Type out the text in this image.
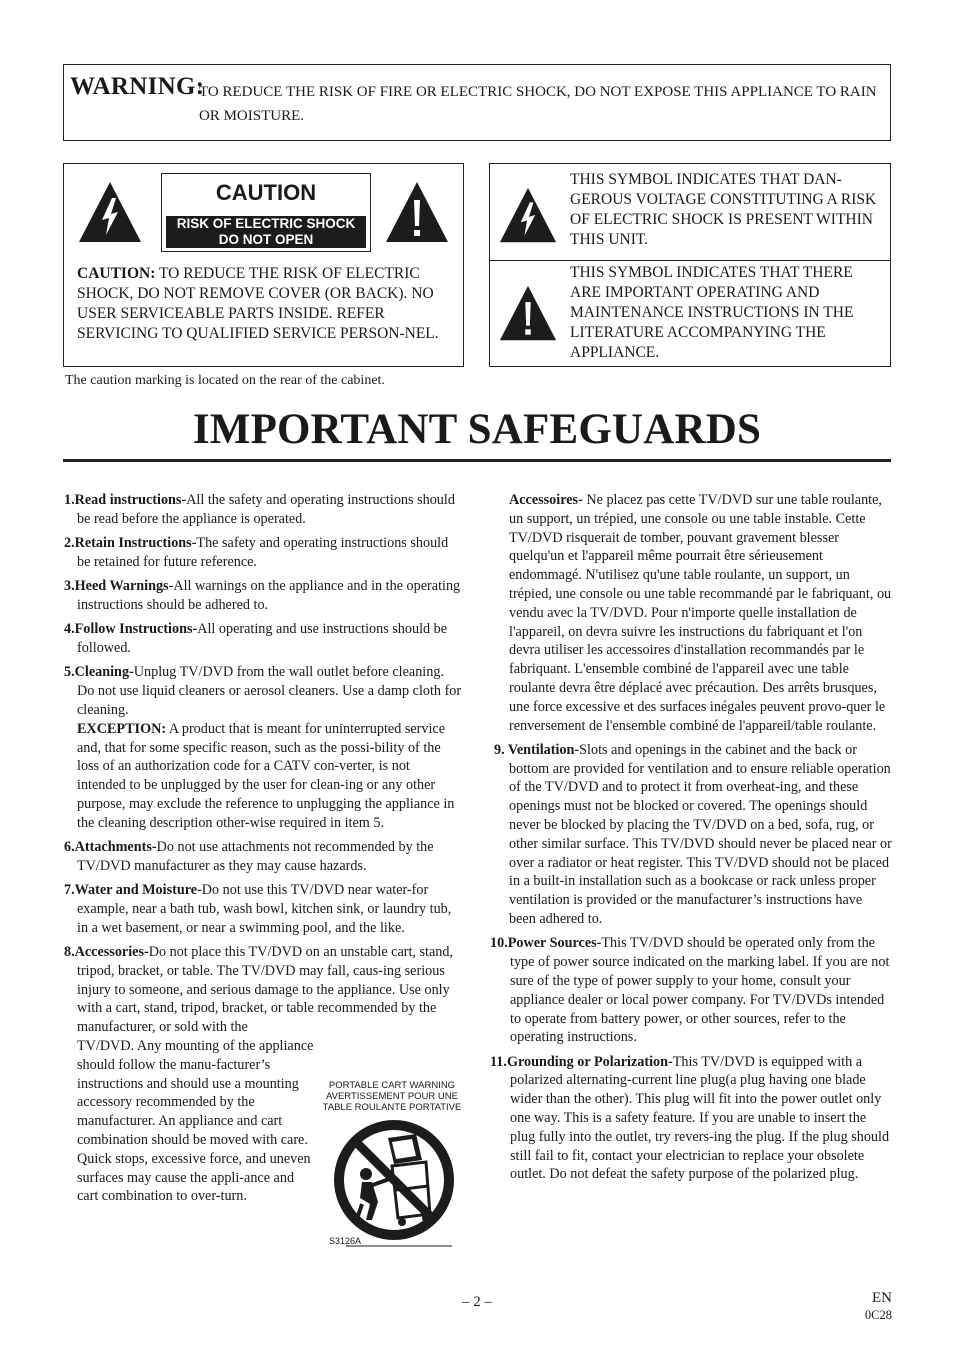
WARNING:
TO REDUCE THE RISK OF FIRE OR ELECTRIC SHOCK, DO NOT EXPOSE THIS APPLIANCE TO RAIN OR MOISTURE.
CAUTION
RISK OF ELECTRIC SHOCK
DO NOT OPEN
CAUTION: TO REDUCE THE RISK OF ELECTRIC SHOCK, DO NOT REMOVE COVER (OR BACK). NO USER SERVICEABLE PARTS INSIDE. REFER SERVICING TO QUALIFIED SERVICE PERSON-NEL.
THIS SYMBOL INDICATES THAT DAN-GEROUS VOLTAGE CONSTITUTING A RISK OF ELECTRIC SHOCK IS PRESENT WITHIN THIS UNIT.
THIS SYMBOL INDICATES THAT THERE ARE IMPORTANT OPERATING AND MAINTENANCE INSTRUCTIONS IN THE LITERATURE ACCOMPANYING THE APPLIANCE.
The caution marking is located on the rear of the cabinet.
IMPORTANT SAFEGUARDS

1.Read instructions-All the safety and operating instructions should be read before the appliance is operated.

2.Retain Instructions-The safety and operating instructions should be retained for future reference.

3.Heed Warnings-All warnings on the appliance and in the operating instructions should be adhered to.

4.Follow Instructions-All operating and use instructions should be followed.

5.Cleaning-Unplug TV/DVD from the wall outlet before cleaning. Do not use liquid cleaners or aerosol cleaners. Use a damp cloth for cleaning.

EXCEPTION: A product that is meant for uninterrupted service and, that for some specific reason, such as the possi-bility of the loss of an authorization code for a CATV con-verter, is not intended to be unplugged by the user for clean-ing or any other purpose, may exclude the reference to unplugging the appliance in the cleaning description other-wise required in item 5.

6.Attachments-Do not use attachments not recommended by the TV/DVD manufacturer as they may cause hazards.

7.Water and Moisture-Do not use this TV/DVD near water-for example, near a bath tub, wash bowl, kitchen sink, or laundry tub, in a wet basement, or near a swimming pool, and the like.

8.Accessories-Do not place this TV/DVD on an unstable cart, stand, tripod, bracket, or table. The TV/DVD may fall, caus-ing serious injury to someone, and serious damage to the appliance. Use only with a cart, stand, tripod, bracket, or table recommended by the manufacturer, or sold with the

TV/DVD. Any mounting of the appliance should follow the manu-facturer’s instructions and should use a mounting accessory recommended by the manufacturer. An appliance and cart combination should be moved with care.

Quick stops, excessive force, and uneven surfaces may cause the appli-ance and cart combination to over-turn.

PORTABLE CART WARNING
AVERTISSEMENT POUR UNE
TABLE ROULANTE PORTATIVE
S3126A

Accessoires- Ne placez pas cette TV/DVD sur une table roulante, un support, un trépied, une console ou une table instable. Cette TV/DVD risquerait de tomber, pouvant gravement blesser quelqu'un et l'appareil même pourrait être sérieusement endommagé. N'utilisez qu'une table roulante, un support, un trépied, une console ou une table recommandé par le fabriquant, ou vendu avec la TV/DVD. Pour n'importe quelle installation de l'appareil, on devra suivre les instructions du fabriquant et l'on devra utiliser les accessoires d'installation recommandés par le fabriquant. L'ensemble combiné de l'appareil avec une table roulante devra être déplacé avec précaution. Des arrêts brusques, une force excessive et des surfaces inégales peuvent provo-quer le renversement de l'ensemble combiné de l'appareil/table roulante.

9. Ventilation-Slots and openings in the cabinet and the back or bottom are provided for ventilation and to ensure reliable operation of the TV/DVD and to protect it from overheat-ing, and these openings must not be blocked or covered. The openings should never be blocked by placing the TV/DVD on a bed, sofa, rug, or other similar surface. This TV/DVD should never be placed near or over a radiator or heat register. This TV/DVD should not be placed in a built-in installation such as a bookcase or rack unless proper ventilation is provided or the manufacturer’s instructions have been adhered to.

10.Power Sources-This TV/DVD should be operated only from the type of power source indicated on the marking label. If you are not sure of the type of power supply to your home, consult your appliance dealer or local power company. For TV/DVDs intended to operate from battery power, or other sources, refer to the operating instructions.

11.Grounding or Polarization-This TV/DVD is equipped with a polarized alternating-current line plug(a plug having one blade wider than the other). This plug will fit into the power outlet only one way. This is a safety feature. If you are unable to insert the plug fully into the outlet, try revers-ing the plug. If the plug should still fail to fit, contact your electrician to replace your obsolete outlet. Do not defeat the safety purpose of the polarized plug.

– 2 –	EN
0C28
